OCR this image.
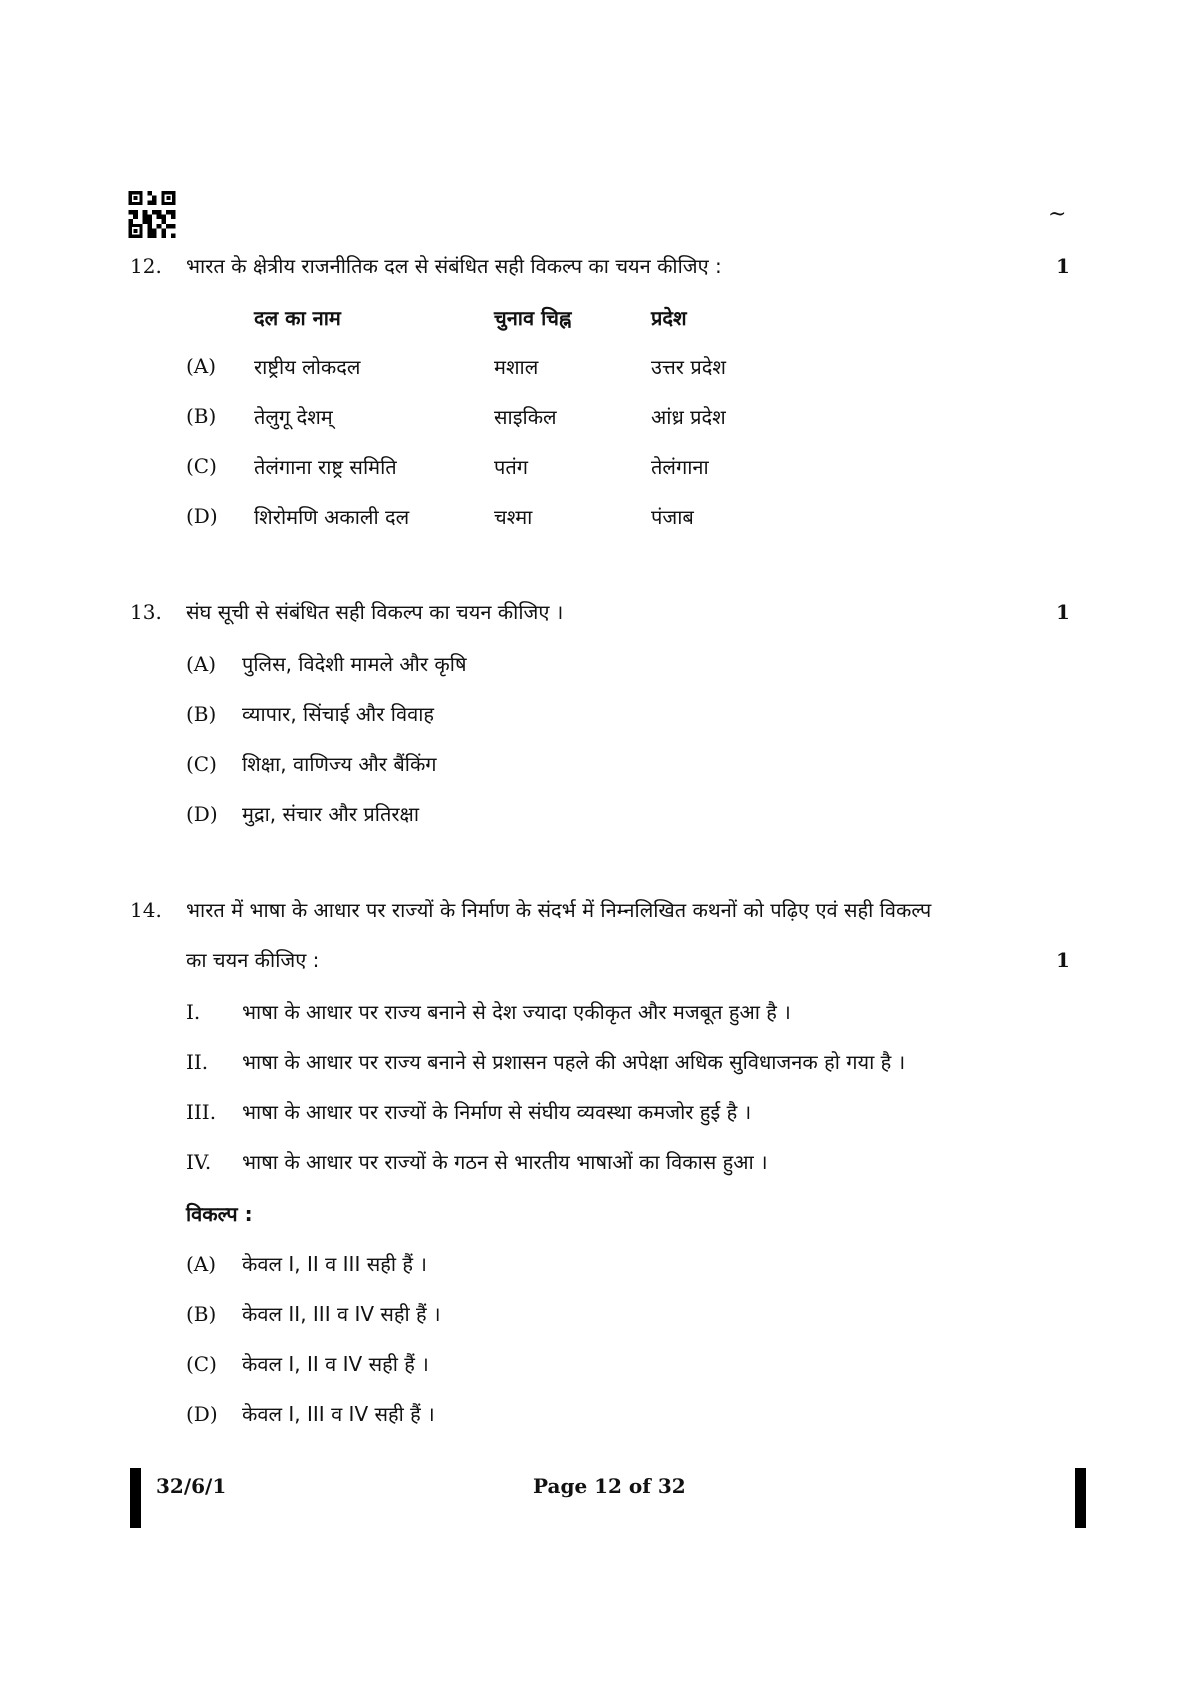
~
12. भारत के क्षेत्रीय राजनीतिक दल से संबंधित सही विकल्प का चयन कीजिए :	1
दल का नाम	चुनाव चिह्न	प्रदेश
(A) राष्ट्रीय लोकदल	मशाल	उत्तर प्रदेश
(B) तेलुगू देशम्	साइकिल	आंध्र प्रदेश
(C) तेलंगाना राष्ट्र समिति	पतंग	तेलंगाना
(D) शिरोमणि अकाली दल	चश्मा	पंजाब
13. संघ सूची से संबंधित सही विकल्प का चयन कीजिए ।	1
(A) पुलिस, विदेशी मामले और कृषि
(B) व्यापार, सिंचाई और विवाह
(C) शिक्षा, वाणिज्य और बैंकिंग
(D) मुद्रा, संचार और प्रतिरक्षा
14. भारत में भाषा के आधार पर राज्यों के निर्माण के संदर्भ में निम्नलिखित कथनों को पढ़िए एवं सही विकल्प
का चयन कीजिए :	1
I. भाषा के आधार पर राज्य बनाने से देश ज्यादा एकीकृत और मजबूत हुआ है ।
II. भाषा के आधार पर राज्य बनाने से प्रशासन पहले की अपेक्षा अधिक सुविधाजनक हो गया है ।
III. भाषा के आधार पर राज्यों के निर्माण से संघीय व्यवस्था कमजोर हुई है ।
IV. भाषा के आधार पर राज्यों के गठन से भारतीय भाषाओं का विकास हुआ ।
विकल्प :
(A) केवल I, II व III सही हैं ।
(B) केवल II, III व IV सही हैं ।
(C) केवल I, II व IV सही हैं ।
(D) केवल I, III व IV सही हैं ।
32/6/1	Page 12 of 32
